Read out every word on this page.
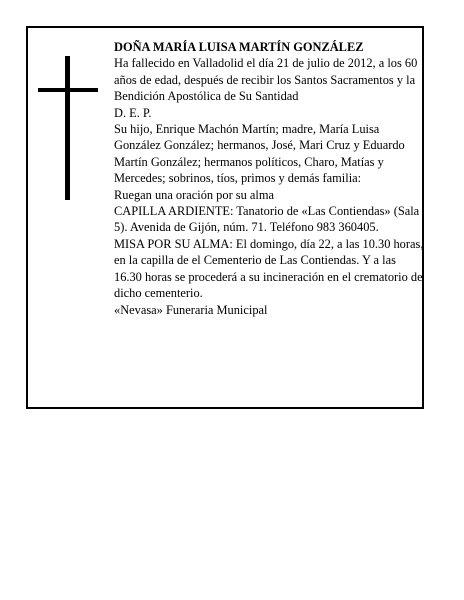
DOÑA MARÍA LUISA MARTÍN GONZÁLEZ

Ha fallecido en Valladolid el día 21 de julio de 2012, a los 60 años de edad, después de recibir los Santos Sacramentos y la Bendición Apostólica de Su Santidad

D. E. P.

Su hijo, Enrique Machón Martín; madre, María Luisa González González; hermanos, José, Mari Cruz y Eduardo Martín González; hermanos políticos, Charo, Matías y Mercedes; sobrinos, tíos, primos y demás familia:

Ruegan una oración por su alma

CAPILLA ARDIENTE: Tanatorio de «Las Contiendas» (Sala 5). Avenida de Gijón, núm. 71. Teléfono 983 360405.

MISA POR SU ALMA: El domingo, día 22, a las 10.30 horas, en la capilla de el Cementerio de Las Contiendas. Y a las 16.30 horas se procederá a su incineración en el crematorio de dicho cementerio.

«Nevasa» Funeraria Municipal
